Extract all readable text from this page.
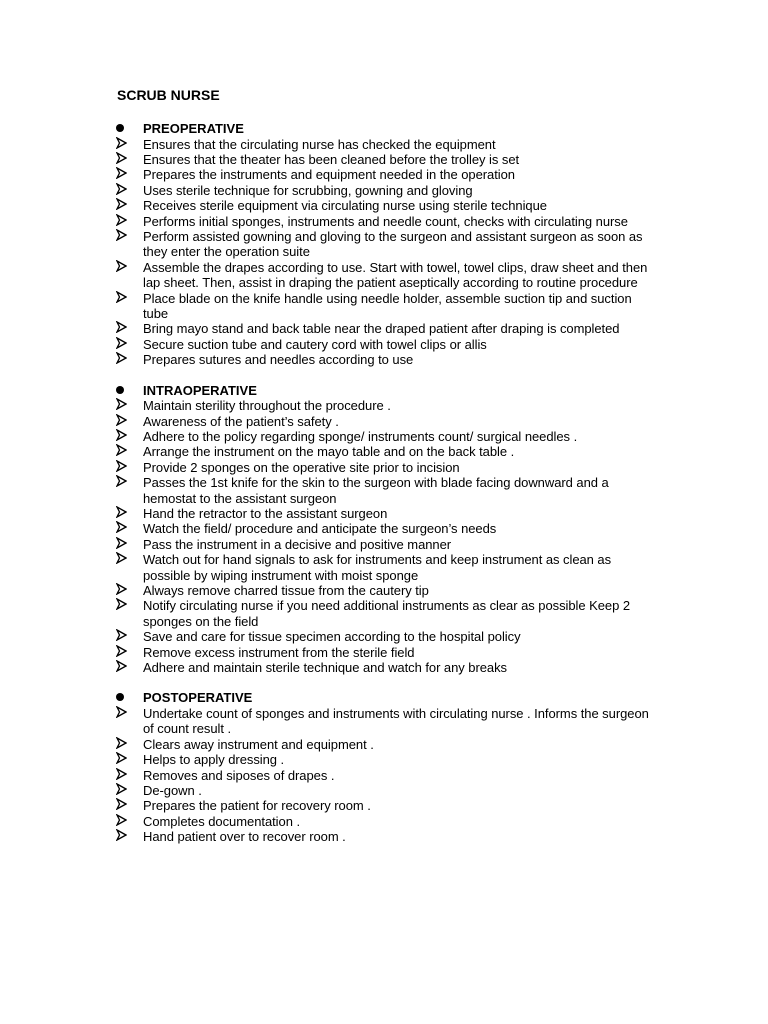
SCRUB NURSE
PREOPERATIVE
Ensures that the circulating nurse has checked the equipment
Ensures that the theater has been cleaned before the trolley is set
Prepares the instruments and equipment needed in the operation
Uses sterile technique for scrubbing, gowning and gloving
Receives sterile equipment via circulating nurse using sterile technique
Performs initial sponges, instruments and needle count, checks with circulating nurse
Perform assisted gowning and gloving to the surgeon and assistant surgeon as soon as they enter the operation suite
Assemble the drapes according to use. Start with towel, towel clips, draw sheet and then lap sheet. Then, assist in draping the patient aseptically according to routine procedure
Place blade on the knife handle using needle holder, assemble suction tip and suction tube
Bring mayo stand and back table near the draped patient after draping is completed
Secure suction tube and cautery cord with towel clips or allis
Prepares sutures and needles according to use
INTRAOPERATIVE
Maintain sterility throughout the procedure .
Awareness of the patient’s safety .
Adhere to the policy regarding sponge/ instruments count/ surgical needles .
Arrange the instrument on the mayo table and on the back table .
Provide 2 sponges on the operative site prior to incision
Passes the 1st knife for the skin to the surgeon with blade facing downward and a hemostat to the assistant surgeon
Hand the retractor to the assistant surgeon
Watch the field/ procedure and anticipate the surgeon’s needs
Pass the instrument in a decisive and positive manner
Watch out for hand signals to ask for instruments and keep instrument as clean as possible by wiping instrument with moist sponge
Always remove charred tissue from the cautery tip
Notify circulating nurse if you need additional instruments as clear as possible Keep 2 sponges on the field
Save and care for tissue specimen according to the hospital policy
Remove excess instrument from the sterile field
Adhere and maintain sterile technique and watch for any breaks
POSTOPERATIVE
Undertake count of sponges and instruments with circulating nurse . Informs the surgeon of count result .
Clears away instrument and equipment .
Helps to apply dressing .
Removes and siposes of drapes .
De-gown .
Prepares the patient for recovery room .
Completes documentation .
Hand patient over to recover room .
